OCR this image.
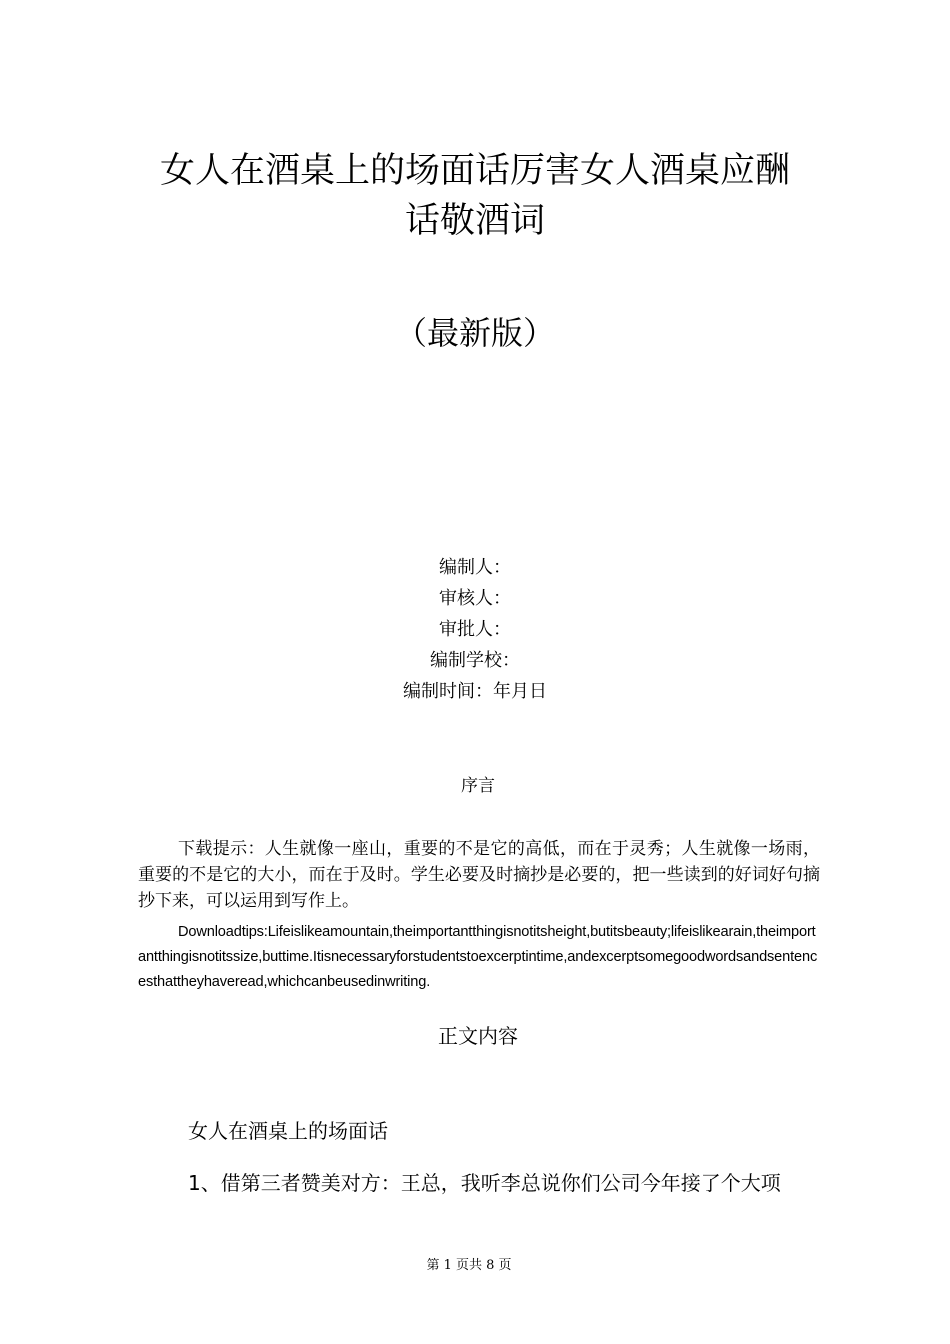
女人在酒桌上的场面话厉害女人酒桌应酬
话敬酒词
（最新版）
编制人：
审核人：
审批人：
编制学校：
编制时间：年月日
序言
下载提示：人生就像一座山，重要的不是它的高低，而在于灵秀；人生就像一场雨，重要的不是它的大小，而在于及时。学生必要及时摘抄是必要的，把一些读到的好词好句摘抄下来，可以运用到写作上。
Downloadtips:Lifeislikeamountain,theimportantthingisnotitsheight,butitsbeauty;lifeislikearain,theimportantthingisnotitssize,buttime.Itisnecessaryforstudentstoexcerptintime,andexcerptsomegoodwordsandsentencesthattheyhaveread,whichcanbeusedinwriting.
正文内容
女人在酒桌上的场面话
1、借第三者赞美对方：王总，我听李总说你们公司今年接了个大项
第 1 页共 8 页
